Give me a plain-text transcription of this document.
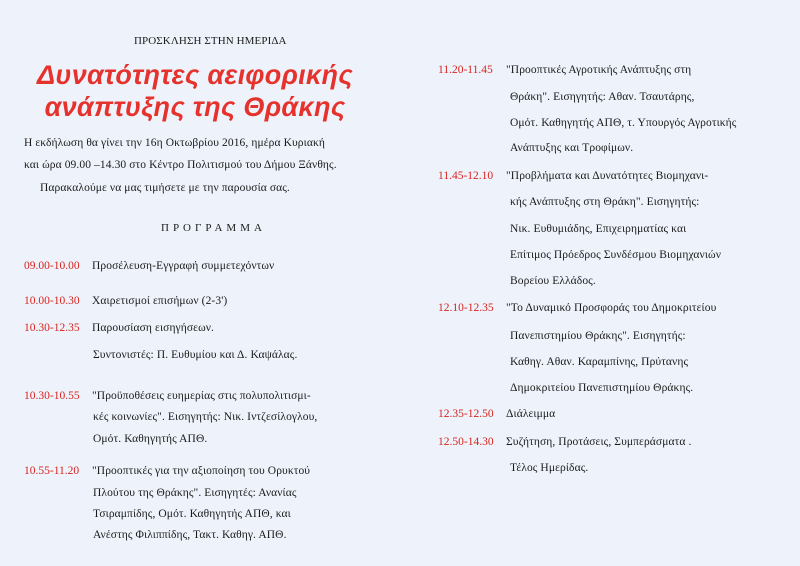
ΠΡΟΣΚΛΗΣΗ ΣΤΗΝ ΗΜΕΡΙΔΑ
Δυνατότητες αειφορικής
ανάπτυξης της Θράκης
Η εκδήλωση θα γίνει την 16η Οκτωβρίου 2016, ημέρα Κυριακή
και ώρα 09.00 –14.30 στο Κέντρο Πολιτισμού του Δήμου Ξάνθης.
Παρακαλούμε να μας τιμήσετε με την παρουσία σας.
ΠΡΟΓΡΑΜΜΑ
09.00-10.00 Προσέλευση-Εγγραφή συμμετεχόντων
10.00-10.30 Χαιρετισμοί επισήμων (2-3')
10.30-12.35 Παρουσίαση εισηγήσεων.
Συντονιστές: Π. Ευθυμίου και Δ. Καψάλας.
10.30-10.55 "Προϋποθέσεις ευημερίας στις πολυπολιτισμι-
κές κοινωνίες". Εισηγητής: Νικ. Ιντζεσίλογλου,
Ομότ. Καθηγητής ΑΠΘ.
10.55-11.20 "Προοπτικές για την αξιοποίηση του Ορυκτού
Πλούτου της Θράκης". Εισηγητές: Ανανίας
Τσιραμπίδης, Ομότ. Καθηγητής ΑΠΘ, και
Ανέστης Φιλιππίδης, Τακτ. Καθηγ. ΑΠΘ.
11.20-11.45 "Προοπτικές Αγροτικής Ανάπτυξης στη
Θράκη". Εισηγητής: Αθαν. Τσαυτάρης,
Ομότ. Καθηγητής ΑΠΘ, τ. Υπουργός Αγροτικής
Ανάπτυξης και Τροφίμων.
11.45-12.10 "Προβλήματα και Δυνατότητες Βιομηχανι-
κής Ανάπτυξης στη Θράκη". Εισηγητής:
Νικ. Ευθυμιάδης, Επιχειρηματίας και
Επίτιμος Πρόεδρος Συνδέσμου Βιομηχανιών
Βορείου Ελλάδος.
12.10-12.35 "Το Δυναμικό Προσφοράς του Δημοκριτείου
Πανεπιστημίου Θράκης". Εισηγητής:
Καθηγ. Αθαν. Καραμπίνης, Πρύτανης
Δημοκριτείου Πανεπιστημίου Θράκης.
12.35-12.50 Διάλειμμα
12.50-14.30 Συζήτηση, Προτάσεις, Συμπεράσματα .
Τέλος Ημερίδας.
